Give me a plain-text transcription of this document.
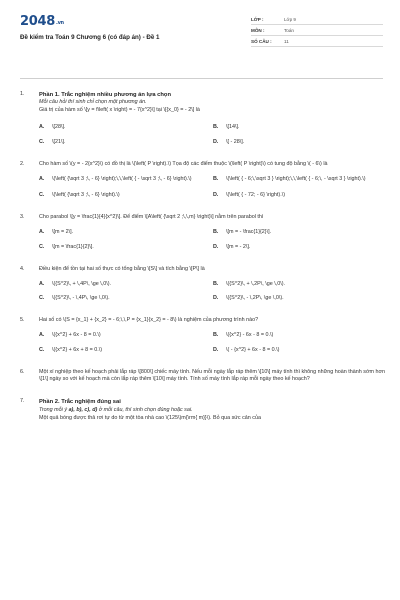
2048.vn
Đề kiểm tra Toán 9 Chương 6 (có đáp án) - Đề 1
LỚP :	Lớp 9
MÔN :	Toán
SỐ CÂU :	11
1.	Phần 1. Trắc nghiệm nhiều phương án lựa chọn
Mỗi câu hỏi thí sinh chỉ chọn một phương án.
Giá trị của hàm số \[y = f\left( x \right) = - 7{x^2}\] tại \[{x_0} = - 2\] là
A.	\[28\].	B.	\[14\].
C.	\[21\].	D.	\[ - 28\].
2.	Cho hàm số \(y = - 2{x^2}\) có đồ thị là \(\left( P \right).\) Tọa độ các điểm thuộc \(\left( P \right)\) có tung độ bằng \( - 6\) là
A.	\(\left( {\sqrt 3 ;\, - 6} \right);\,\,\left( { - \sqrt 3 ;\, - 6} \right).\)	B.	\(\left( { - 6;\,\sqrt 3 } \right);\,\,\left( { - 6;\, - \sqrt 3 } \right).\)
C.	\(\left( {\sqrt 3 ;\, - 6} \right).\)	D.	\(\left( { - 72; - 6} \right).\)
3.	Cho parabol \[y = \frac{1}{4}{x^2}\]. Để điểm \[A\left( {\sqrt 2 ;\,\,m} \right)\] nằm trên parabol thì
A.	\[m = 2\].	B.	\[m = - \frac{1}{2}\].
C.	\[m = \frac{1}{2}\].	D.	\[m = - 2\].
4.	Điều kiện để tồn tại hai số thực có tổng bằng \[S\] và tích bằng \[P\] là
A.	\({S^2}\, + \,4P\, \ge \,0\).	B.	\({S^2}\, + \,2P\, \ge \,0\).
C.	\({S^2}\, - \,4P\, \ge \,0\).	D.	\({S^2}\, - \,2P\, \ge \,0\).
5.	Hai số có \(S = {x_1} + {x_2} = - 6;\,\,P = {x_1}{x_2} = - 8\) là nghiệm của phương trình nào?
A.	\({x^2} + 6x - 8 = 0.\)	B.	\({x^2} - 6x - 8 = 0.\)
C.	\({x^2} + 6x + 8 = 0.\)	D.	\( - {x^2} + 6x - 8 = 0.\)
6.	Một xí nghiệp theo kế hoạch phải lắp ráp \[800\] chiếc máy tính. Nếu mỗi ngày lắp ráp thêm \[10\] máy tính thì không những hoàn thành sớm hơn \[1\] ngày so với kế hoạch mà còn lắp ráp thêm \[10\] máy tính. Tính số máy tính lắp ráp mỗi ngày theo kế hoạch?
7.	Phần 2. Trắc nghiệm đúng sai
Trong mỗi ý a), b), c), d) ở mỗi câu, thí sinh chọn đúng hoặc sai.
Một quả bóng được thả rơi tự do từ một tòa nhà cao \(125\)m{\rm{ m}}\). Bỏ qua sức cản của
